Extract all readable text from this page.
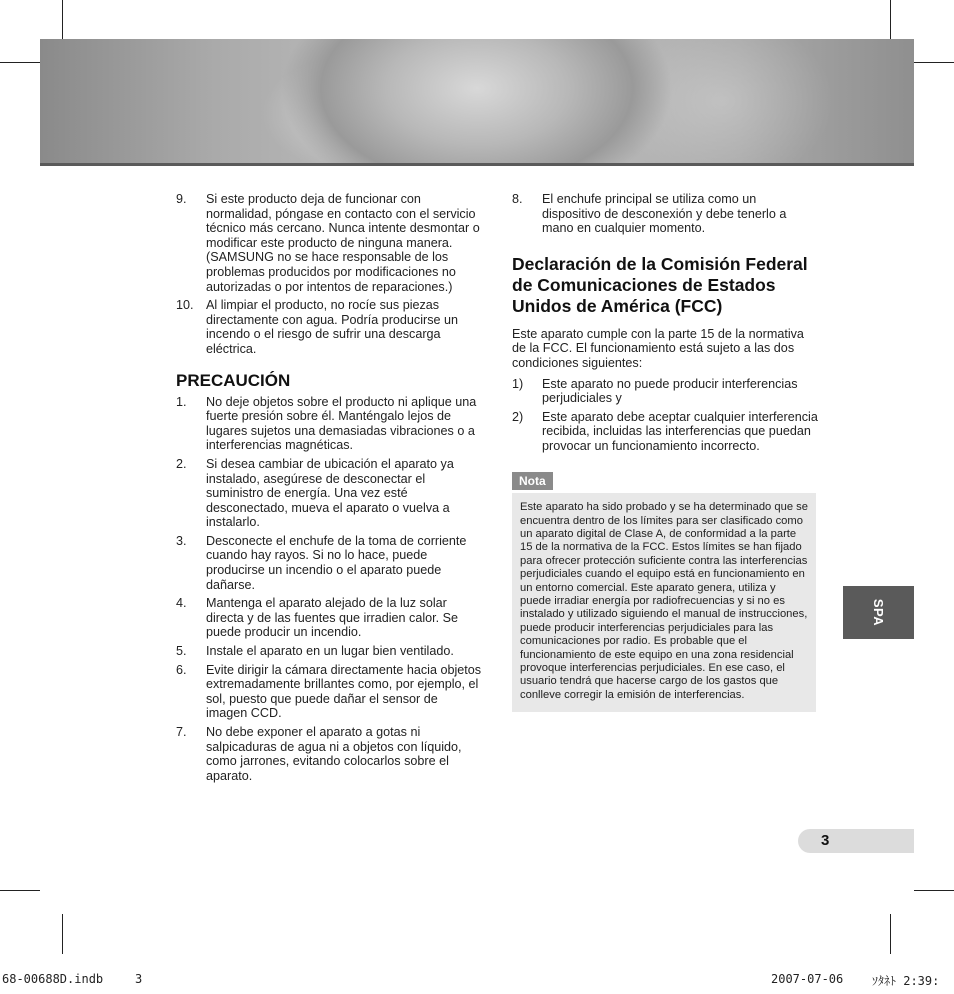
9.	Si este producto deja de funcionar con normalidad, póngase en contacto con el servicio técnico más cercano. Nunca intente desmontar o modificar este producto de ninguna manera. (SAMSUNG no se hace responsable de los problemas producidos por modificaciones no autorizadas o por intentos de reparaciones.)
10. Al limpiar el producto, no rocíe sus piezas directamente con agua. Podría producirse un incendo o el riesgo de sufrir una descarga eléctrica.
PRECAUCIÓN
1.	No deje objetos sobre el producto ni aplique una fuerte presión sobre él. Manténgalo lejos de lugares sujetos una demasiadas vibraciones o a interferencias magnéticas.
2.	Si desea cambiar de ubicación el aparato ya instalado, asegúrese de desconectar el suministro de energía. Una vez esté desconectado, mueva el aparato o vuelva a instalarlo.
3.	Desconecte el enchufe de la toma de corriente cuando hay rayos. Si no lo hace, puede producirse un incendio o el aparato puede dañarse.
4.	Mantenga el aparato alejado de la luz solar directa y de las fuentes que irradien calor. Se puede producir un incendio.
5.	Instale el aparato en un lugar bien ventilado.
6.	Evite dirigir la cámara directamente hacia objetos extremadamente brillantes como, por ejemplo, el sol, puesto que puede dañar el sensor de imagen CCD.
7.	No debe exponer el aparato a gotas ni salpicaduras de agua ni a objetos con líquido, como jarrones, evitando colocarlos sobre el aparato.
8.	El enchufe principal se utiliza como un dispositivo de desconexión y debe tenerlo a mano en cualquier momento.
Declaración de la Comisión Federal de Comunicaciones de Estados Unidos de América (FCC)

Este aparato cumple con la parte 15 de la normativa de la FCC. El funcionamiento está sujeto a las dos condiciones siguientes:

1)	Este aparato no puede producir interferencias perjudiciales y
2)	Este aparato debe aceptar cualquier interferencia recibida, incluidas las interferencias que puedan provocar un funcionamiento incorrecto.
Nota
Este aparato ha sido probado y se ha determinado que se encuentra dentro de los límites para ser clasificado como un aparato digital de Clase A, de conformidad a la parte 15 de la normativa de la FCC. Estos límites se han fijado para ofrecer protección suficiente contra las interferencias perjudiciales cuando el equipo está en funcionamiento en un entorno comercial. Este aparato genera, utiliza y puede irradiar energía por radiofrecuencias y si no es instalado y utilizado siguiendo el manual de instrucciones, puede producir interferencias perjudiciales para las comunicaciones por radio. Es probable que el funcionamiento de este equipo en una zona residencial provoque interferencias perjudiciales. En ese caso, el usuario tendrá que hacerse cargo de los gastos que conlleve corregir la emisión de interferencias.
SPA
3
68-00688D.indb	3	2007-07-06 ｿﾀﾈﾄ 2:39:
